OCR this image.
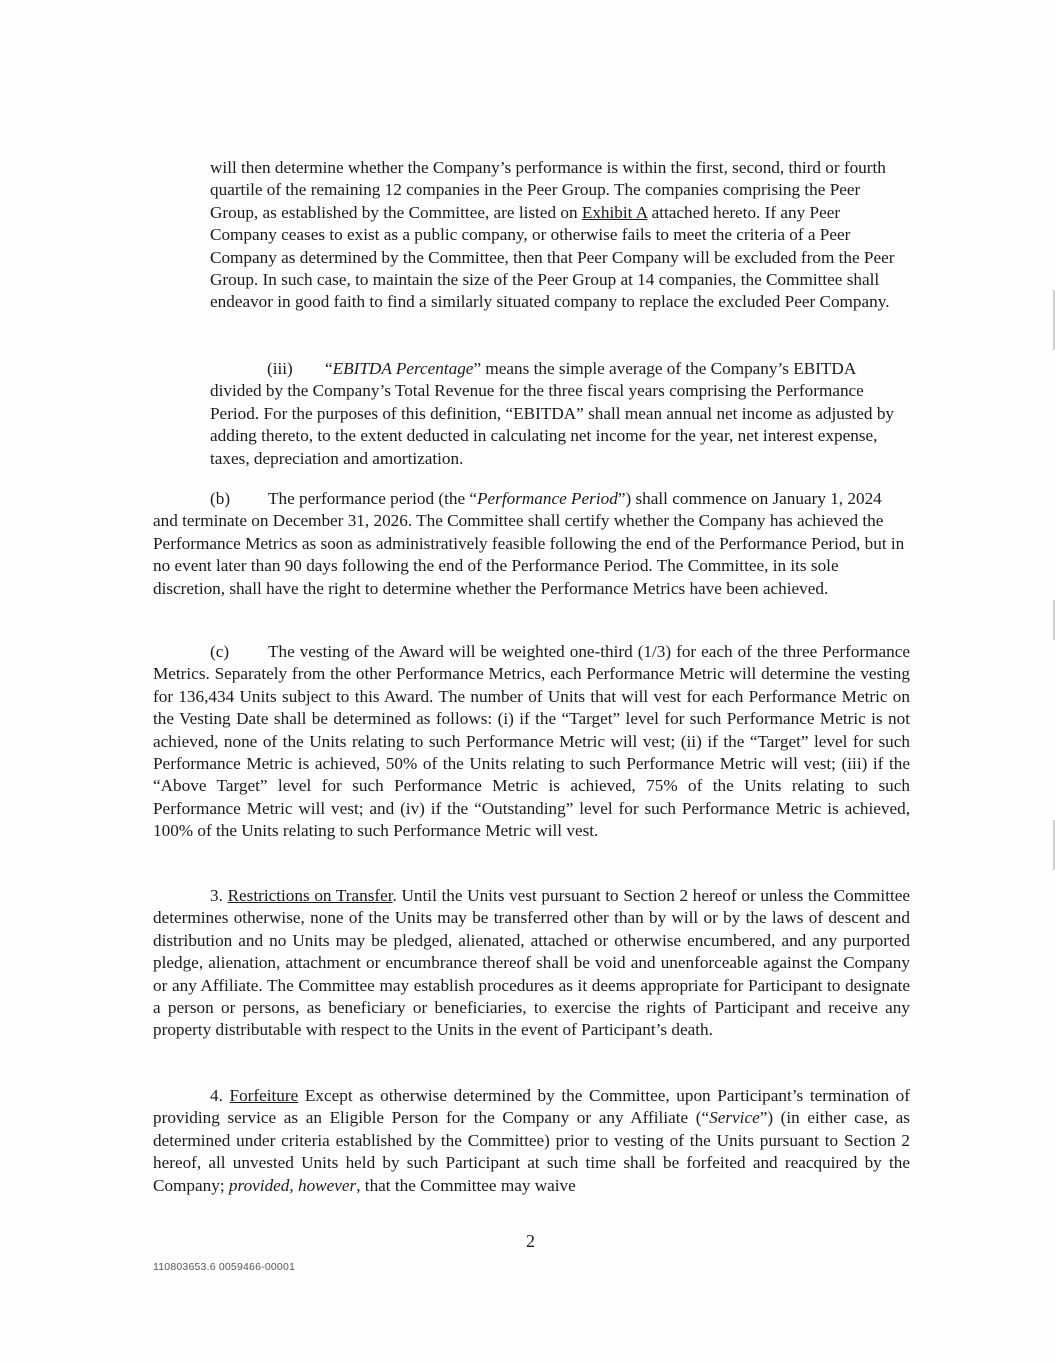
will then determine whether the Company’s performance is within the first, second, third or fourth quartile of the remaining 12 companies in the Peer Group. The companies comprising the Peer Group, as established by the Committee, are listed on Exhibit A attached hereto. If any Peer Company ceases to exist as a public company, or otherwise fails to meet the criteria of a Peer Company as determined by the Committee, then that Peer Company will be excluded from the Peer Group. In such case, to maintain the size of the Peer Group at 14 companies, the Committee shall endeavor in good faith to find a similarly situated company to replace the excluded Peer Company.

(iii) “EBITDA Percentage” means the simple average of the Company’s EBITDA divided by the Company’s Total Revenue for the three fiscal years comprising the Performance Period. For the purposes of this definition, “EBITDA” shall mean annual net income as adjusted by adding thereto, to the extent deducted in calculating net income for the year, net interest expense, taxes, depreciation and amortization.

(b) The performance period (the “Performance Period”) shall commence on January 1, 2024 and terminate on December 31, 2026. The Committee shall certify whether the Company has achieved the Performance Metrics as soon as administratively feasible following the end of the Performance Period, but in no event later than 90 days following the end of the Performance Period. The Committee, in its sole discretion, shall have the right to determine whether the Performance Metrics have been achieved.

(c) The vesting of the Award will be weighted one-third (1/3) for each of the three Performance Metrics. Separately from the other Performance Metrics, each Performance Metric will determine the vesting for 136,434 Units subject to this Award. The number of Units that will vest for each Performance Metric on the Vesting Date shall be determined as follows: (i) if the “Target” level for such Performance Metric is not achieved, none of the Units relating to such Performance Metric will vest; (ii) if the “Target” level for such Performance Metric is achieved, 50% of the Units relating to such Performance Metric will vest; (iii) if the “Above Target” level for such Performance Metric is achieved, 75% of the Units relating to such Performance Metric will vest; and (iv) if the “Outstanding” level for such Performance Metric is achieved, 100% of the Units relating to such Performance Metric will vest.

3. Restrictions on Transfer. Until the Units vest pursuant to Section 2 hereof or unless the Committee determines otherwise, none of the Units may be transferred other than by will or by the laws of descent and distribution and no Units may be pledged, alienated, attached or otherwise encumbered, and any purported pledge, alienation, attachment or encumbrance thereof shall be void and unenforceable against the Company or any Affiliate. The Committee may establish procedures as it deems appropriate for Participant to designate a person or persons, as beneficiary or beneficiaries, to exercise the rights of Participant and receive any property distributable with respect to the Units in the event of Participant’s death.

4. Forfeiture Except as otherwise determined by the Committee, upon Participant’s termination of providing service as an Eligible Person for the Company or any Affiliate (“Service”) (in either case, as determined under criteria established by the Committee) prior to vesting of the Units pursuant to Section 2 hereof, all unvested Units held by such Participant at such time shall be forfeited and reacquired by the Company; provided, however, that the Committee may waive

2
110803653.6 0059466-00001
